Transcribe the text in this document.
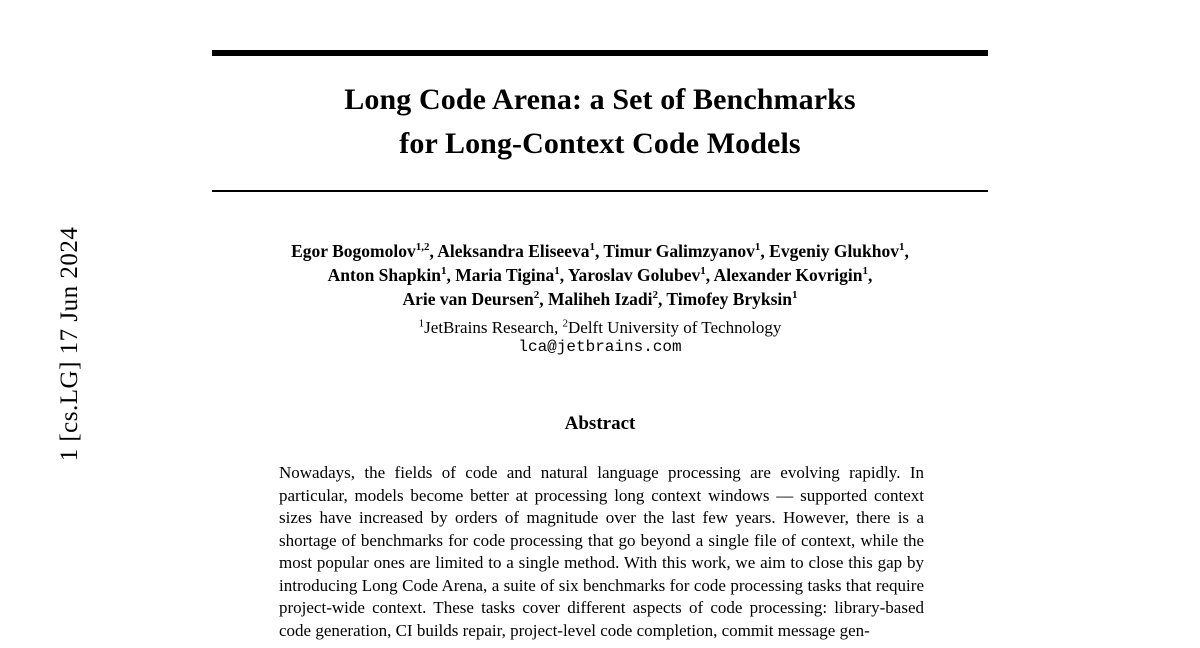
1 [cs.LG] 17 Jun 2024
Long Code Arena: a Set of Benchmarks
for Long-Context Code Models
Egor Bogomolov$^{1,2}$, Aleksandra Eliseeva$^1$, Timur Galimzyanov$^1$, Evgeniy Glukhov$^1$,
Anton Shapkin$^1$, Maria Tigina$^1$, Yaroslav Golubev$^1$, Alexander Kovrigin$^1$,
Arie van Deursen$^2$, Maliheh Izadi$^2$, Timofey Bryksin$^1$
$^1$JetBrains Research, $^2$Delft University of Technology
lca@jetbrains.com
Abstract

Nowadays, the fields of code and natural language processing are evolving rapidly. In particular, models become better at processing long context windows — supported context sizes have increased by orders of magnitude over the last few years. However, there is a shortage of benchmarks for code processing that go beyond a single file of context, while the most popular ones are limited to a single method. With this work, we aim to close this gap by introducing Long Code Arena, a suite of six benchmarks for code processing tasks that require project-wide context. These tasks cover different aspects of code processing: library-based code generation, CI builds repair, project-level code completion, commit message gen-
